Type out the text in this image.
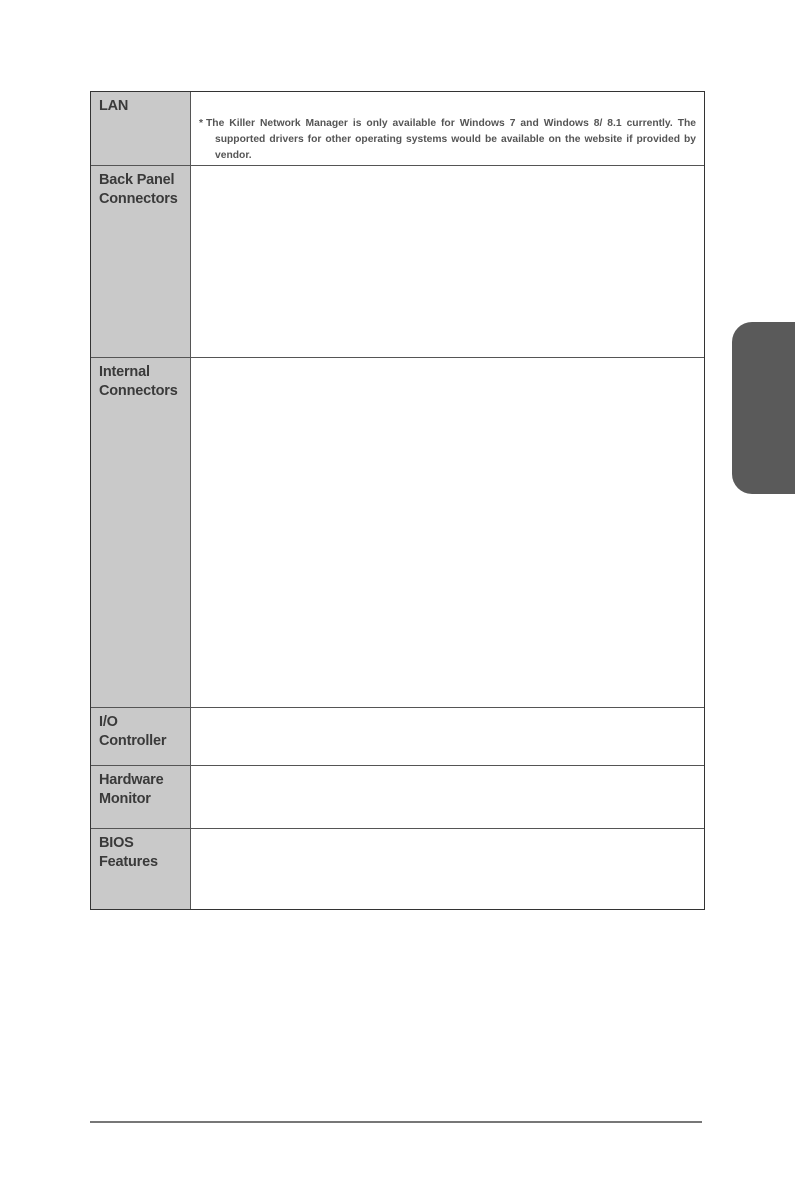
LAN
* The Killer Network Manager is only available for Windows 7 and Windows 8/ 8.1 currently. The supported drivers for other operating systems would be available on the website if provided by vendor.
Back Panel
Connectors
Internal
Connectors
I/O
Controller
Hardware
Monitor
BIOS
Features
